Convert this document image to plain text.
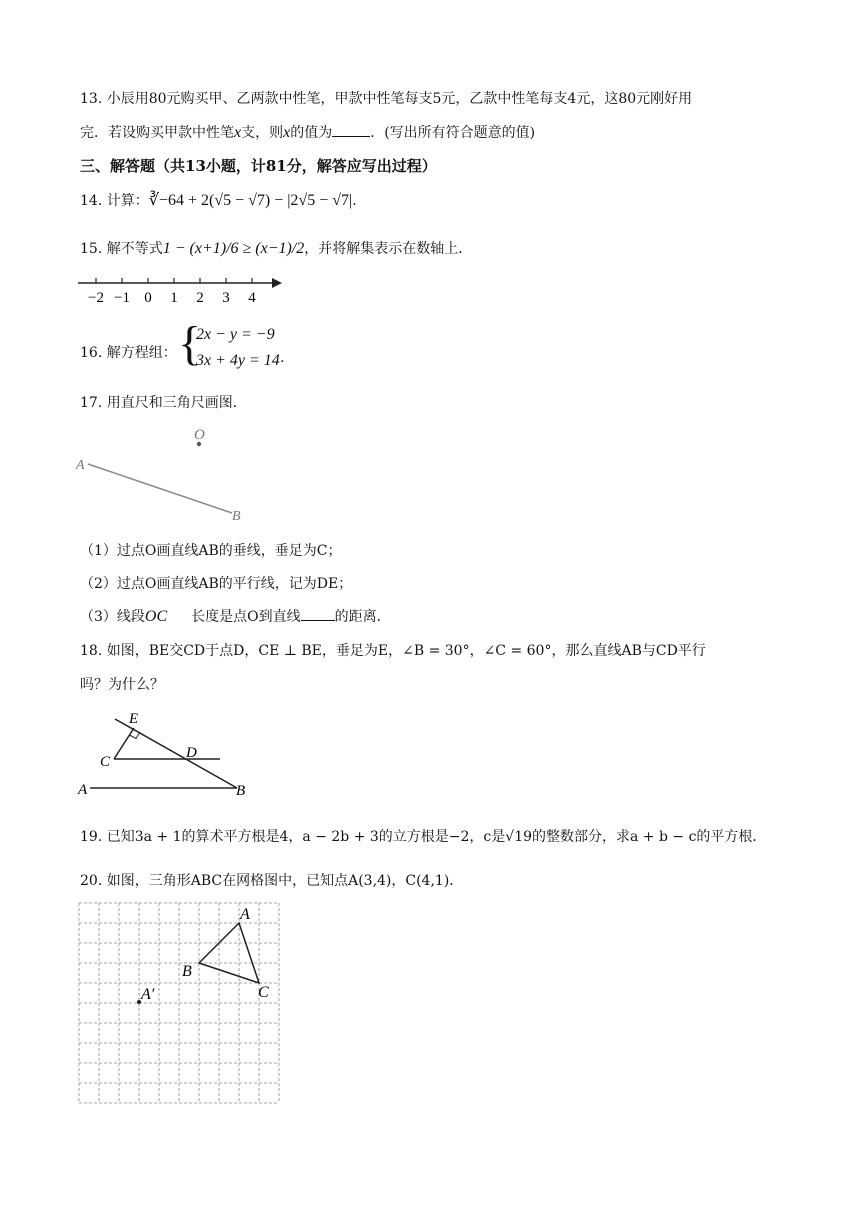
13. 小辰用80元购买甲、乙两款中性笔，甲款中性笔每支5元，乙款中性笔每支4元，这80元刚好用
完．若设购买甲款中性笔x支，则x的值为	．(写出所有符合题意的值)
三、解答题（共13小题，计81分，解答应写出过程）
14. 计算：∛−64 + 2(√5 − √7) − |2√5 − √7|.
15. 解不等式1 − (x+1)/6 ≥ (x−1)/2，并将解集表示在数轴上．
−2 −1 0 1 2 3 4
16. 解方程组： {
2x − y = −9
3x + 4y = 14 .
17. 用直尺和三角尺画图．
O
A
B
（1）过点O画直线AB的垂线，垂足为C；
（2）过点O画直线AB的平行线，记为DE；
（3）线段OC 长度是点O到直线 的距离．
18. 如图，BE交CD于点D，CE ⊥ BE，垂足为E，∠B = 30°，∠C = 60°，那么直线AB与CD平行
吗？为什么？
E
C
D
A	B
19. 已知3a + 1的算术平方根是4，a − 2b + 3的立方根是−2，c是√19的整数部分，求a + b − c的平方根．
20. 如图，三角形ABC在网格图中，已知点A(3,4)，C(4,1)．
A
B
C
A′
